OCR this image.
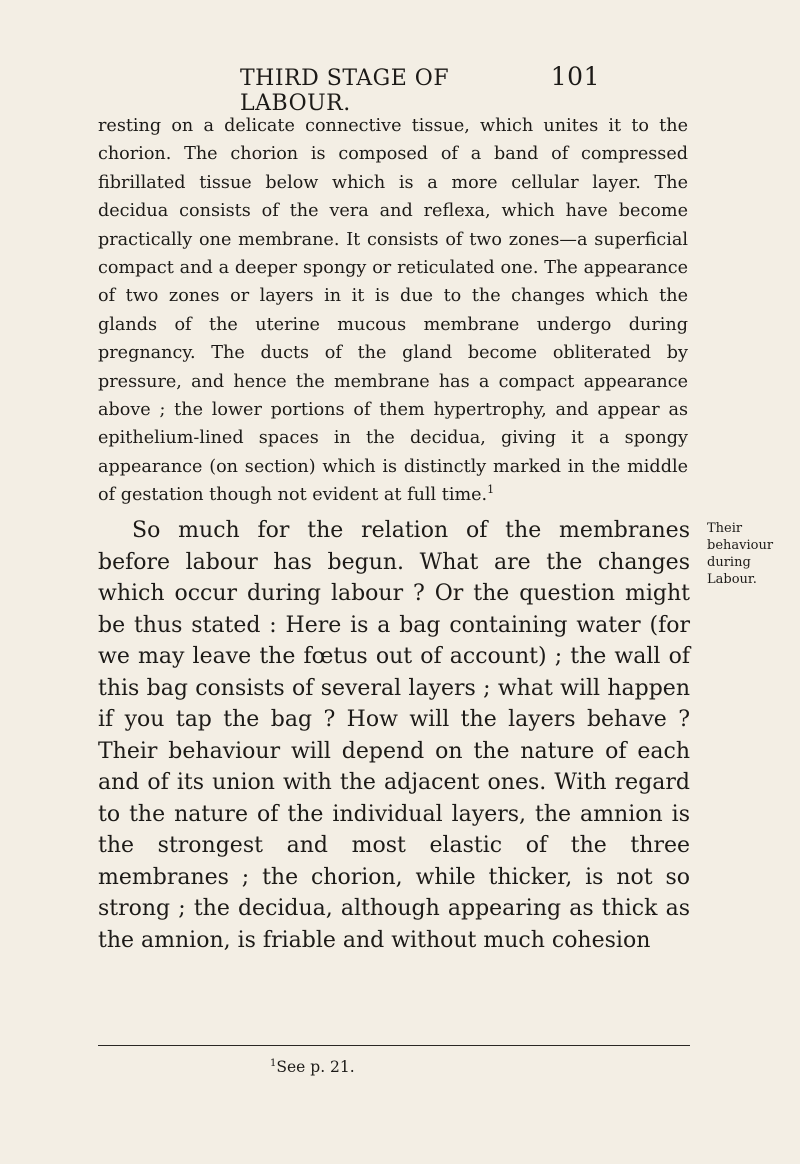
THIRD STAGE OF LABOUR.
101

resting on a delicate connective tissue, which unites it to the chorion. The chorion is composed of a band of compressed fibrillated tissue below which is a more cellular layer. The decidua consists of the vera and reflexa, which have become practically one membrane. It consists of two zones—a superficial compact and a deeper spongy or reticulated one. The appearance of two zones or layers in it is due to the changes which the glands of the uterine mucous membrane undergo during pregnancy. The ducts of the gland become obliterated by pressure, and hence the membrane has a compact appearance above ; the lower portions of them hypertrophy, and appear as epithelium-lined spaces in the decidua, giving it a spongy appearance (on section) which is distinctly marked in the middle of gestation though not evident at full time.$^1$

So much for the relation of the membranes before labour has begun. What are the changes which occur during labour ? Or the question might be thus stated : Here is a bag containing water (for we may leave the fœtus out of account) ; the wall of this bag consists of several layers ; what will happen if you tap the bag ? How will the layers behave ? Their behaviour will depend on the nature of each and of its union with the adjacent ones. With regard to the nature of the individual layers, the amnion is the strongest and most elastic of the three membranes ; the chorion, while thicker, is not so strong ; the decidua, although appearing as thick as the amnion, is friable and without much cohesion

Their
behaviour
during
Labour.
$^1$See p. 21.
